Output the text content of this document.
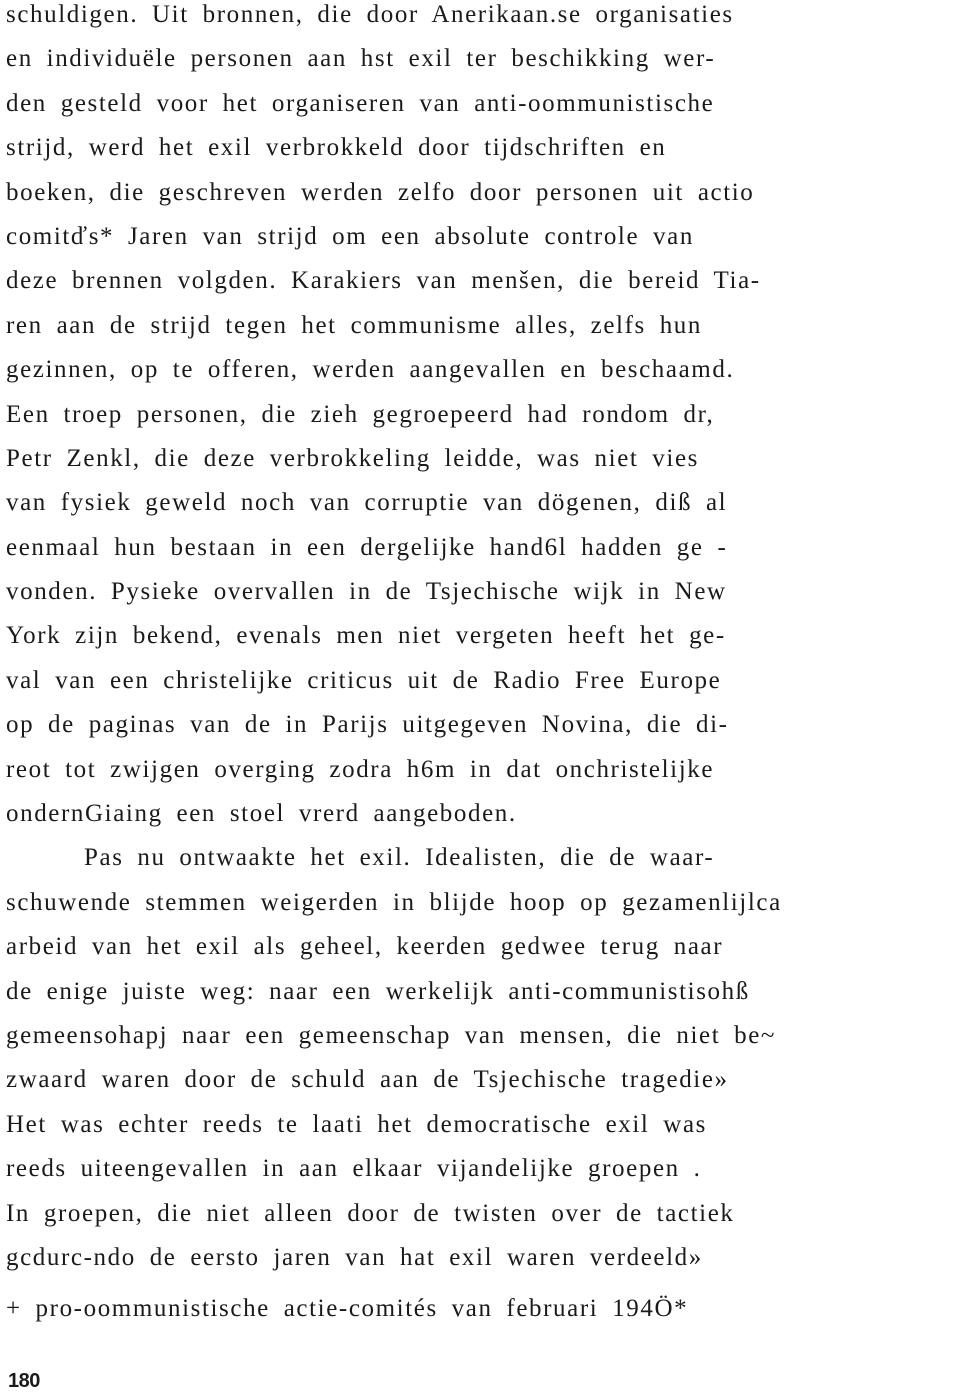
schuldigen. Uit bronnen, die door Anerikaan.se organisaties
en individuële personen aan hst exil ter beschikking wer-
den gesteld voor het organiseren van anti-oommunistische
strijd, werd het exil verbrokkeld door tijdschriften en
boeken, die geschreven werden zelfo door personen uit actio
comitďs* Jaren van strijd om een absolute controle van
deze brennen volgden. Karakiers van menšen, die bereid Tia-
ren aan de strijd tegen het communisme alles, zelfs hun
gezinnen, op te offeren, werden aangevallen en beschaamd.
Een troep personen, die zieh gegroepeerd had rondom dr,
Petr Zenkl, die deze verbrokkeling leidde, was niet vies
van fysiek geweld noch van corruptie van dögenen, diß al
eenmaal hun bestaan in een dergelijke hand6l hadden ge -
vonden. Pysieke overvallen in de Tsjechische wijk in New
York zijn bekend, evenals men niet vergeten heeft het ge-
val van een christelijke criticus uit de Radio Free Europe
op de paginas van de in Parijs uitgegeven Novina, die di-
reot tot zwijgen overging zodra h6m in dat onchristelijke
ondernGiaing een stoel vrerd aangeboden.
Pas nu ontwaakte het exil. Idealisten, die de waar-
schuwende stemmen weigerden in blijde hoop op gezamenlijlca
arbeid van het exil als geheel, keerden gedwee terug naar
de enige juiste weg: naar een werkelijk anti-communistisohß
gemeensohapj naar een gemeenschap van mensen, die niet be~
zwaard waren door de schuld aan de Tsjechische tragedie»
Het was echter reeds te laati het democratische exil was
reeds uiteengevallen in aan elkaar vijandelijke groepen .
In groepen, die niet alleen door de twisten over de tactiek
gcdurc-ndo de eersto jaren van hat exil waren verdeeld»
+ pro-oommunistische actie-comités van februari 194Ö*
180
